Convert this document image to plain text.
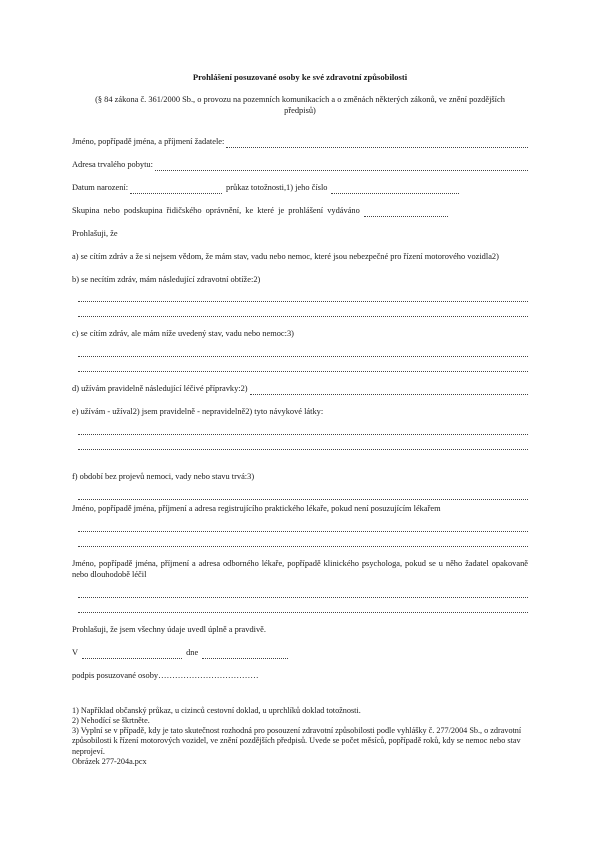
Prohlášení posuzované osoby ke své zdravotní způsobilosti
(§ 84 zákona č. 361/2000 Sb., o provozu na pozemních komunikacích a o změnách některých zákonů, ve znění pozdějších předpisů)
Jméno, popřípadě jména, a příjmení žadatele:
Adresa trvalého pobytu:
Datum narození:	průkaz totožnosti,1) jeho číslo
Skupina nebo podskupina řidičského oprávnění, ke které je prohlášení vydáváno
Prohlašuji, že
a) se cítím zdráv a že si nejsem vědom, že mám stav, vadu nebo nemoc, které jsou nebezpečné pro řízení motorového vozidla2)
b) se necítím zdráv, mám následující zdravotní obtíže:2)
c) se cítím zdráv, ale mám níže uvedený stav, vadu nebo nemoc:3)
d) užívám pravidelně následující léčivé přípravky:2)
e) užívám - užíval2) jsem pravidelně - nepravidelně2) tyto návykové látky:
f) období bez projevů nemoci, vady nebo stavu trvá:3)
Jméno, popřípadě jména, příjmení a adresa registrujícího praktického lékaře, pokud není posuzujícím lékařem
Jméno, popřípadě jména, příjmení a adresa odborného lékaře, popřípadě klinického psychologa, pokud se u něho žadatel opakovaně nebo dlouhodobě léčil
Prohlašuji, že jsem všechny údaje uvedl úplně a pravdivě.
V	dne
podpis posuzované osoby………………………………
1) Například občanský průkaz, u cizinců cestovní doklad, u uprchlíků doklad totožnosti.
2) Nehodící se škrtněte.
3) Vyplní se v případě, kdy je tato skutečnost rozhodná pro posouzení zdravotní způsobilosti podle vyhlášky č. 277/2004 Sb., o zdravotní způsobilosti k řízení motorových vozidel, ve znění pozdějších předpisů. Uvede se počet měsíců, popřípadě roků, kdy se nemoc nebo stav neprojeví.
Obrázek 277-204a.pcx
